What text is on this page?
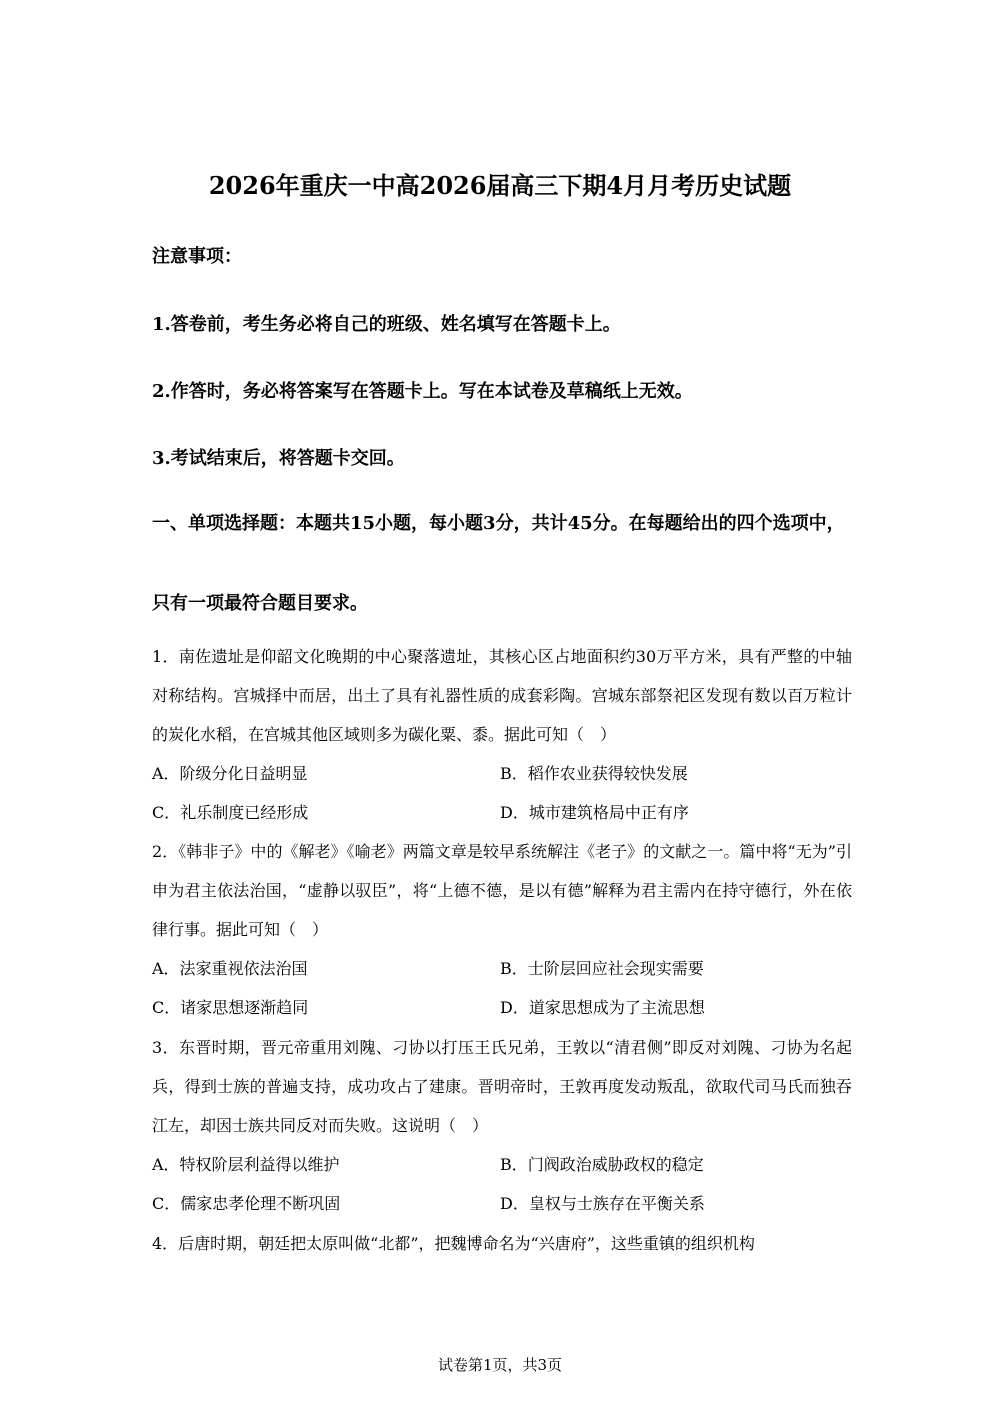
2026年重庆一中高2026届高三下期4月月考历史试题
注意事项：
1.答卷前，考生务必将自己的班级、姓名填写在答题卡上。
2.作答时，务必将答案写在答题卡上。写在本试卷及草稿纸上无效。
3.考试结束后，将答题卡交回。
一、单项选择题：本题共15小题，每小题3分，共计45分。在每题给出的四个选项中，只有一项最符合题目要求。
1．南佐遗址是仰韶文化晚期的中心聚落遗址，其核心区占地面积约30万平方米，具有严整的中轴对称结构。宫城择中而居，出土了具有礼器性质的成套彩陶。宫城东部祭祀区发现有数以百万粒计的炭化水稻，在宫城其他区域则多为碳化粟、黍。据此可知（　）
A．阶级分化日益明显	B．稻作农业获得较快发展
C．礼乐制度已经形成	D．城市建筑格局中正有序
2．《韩非子》中的《解老》《喻老》两篇文章是较早系统解注《老子》的文献之一。篇中将“无为”引申为君主依法治国，“虚静以驭臣”，将“上德不德，是以有德”解释为君主需内在持守德行，外在依律行事。据此可知（　）
A．法家重视依法治国	B．士阶层回应社会现实需要
C．诸家思想逐渐趋同	D．道家思想成为了主流思想
3．东晋时期，晋元帝重用刘隗、刁协以打压王氏兄弟，王敦以“清君侧”即反对刘隗、刁协为名起兵，得到士族的普遍支持，成功攻占了建康。晋明帝时，王敦再度发动叛乱，欲取代司马氏而独吞江左，却因士族共同反对而失败。这说明（　）
A．特权阶层利益得以维护	B．门阀政治威胁政权的稳定
C．儒家忠孝伦理不断巩固	D．皇权与士族存在平衡关系
4．后唐时期，朝廷把太原叫做“北都”，把魏博命名为“兴唐府”，这些重镇的组织机构
试卷第1页，共3页
